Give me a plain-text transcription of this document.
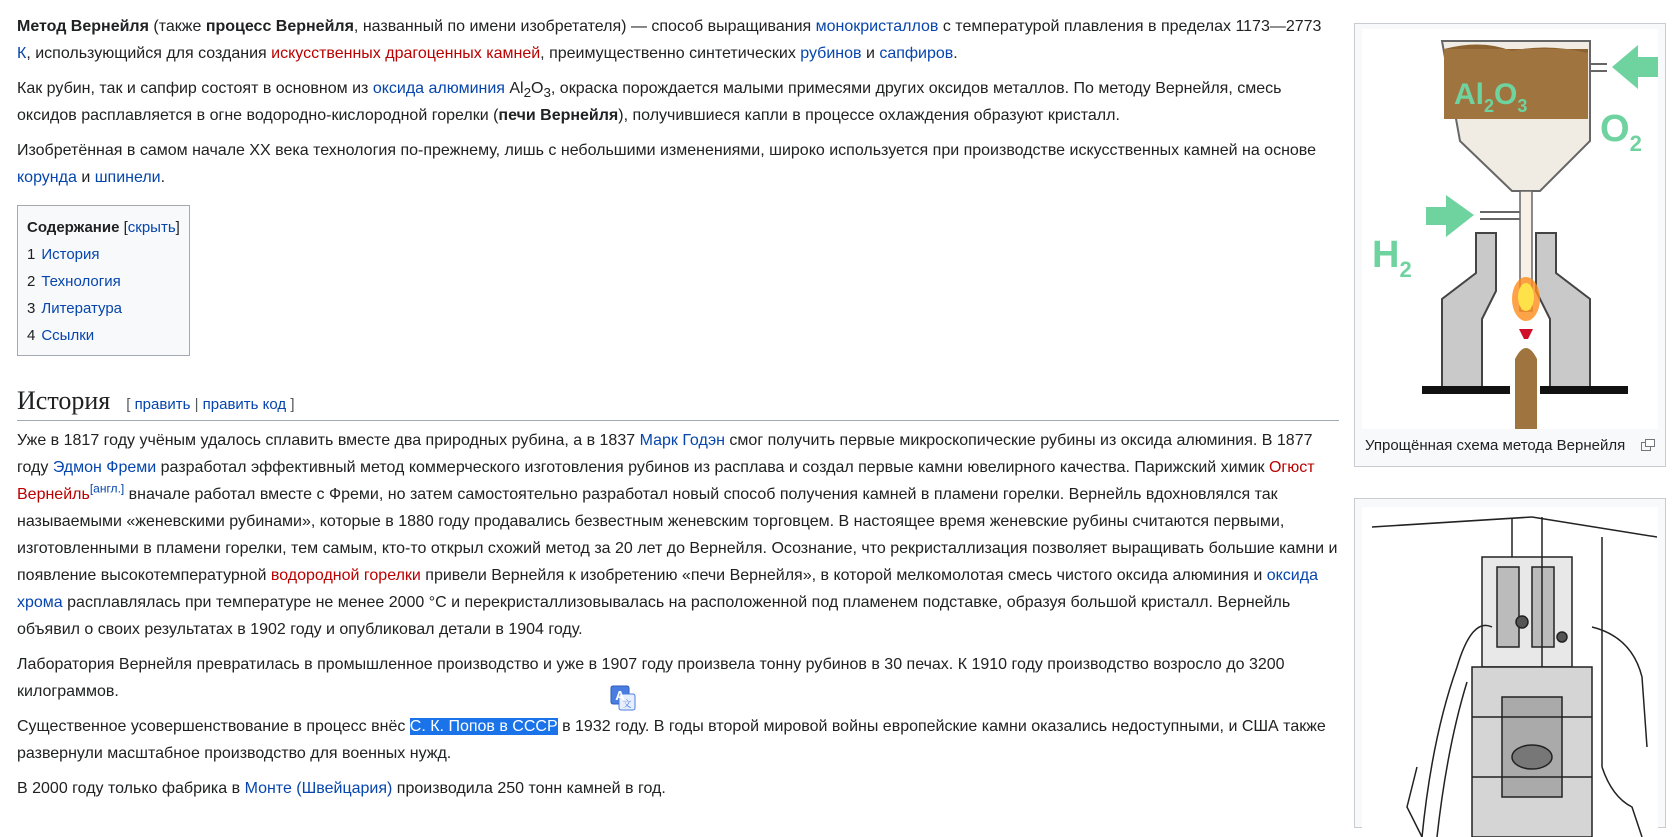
Метод Вернейля (также процесс Вернейля, названный по имени изобретателя) — способ выращивания монокристаллов с температурой плавления в пределах 1173—2773 К, использующийся для создания искусственных драгоценных камней, преимущественно синтетических рубинов и сапфиров.

Как рубин, так и сапфир состоят в основном из оксида алюминия $Al_2O_3$, окраска порождается малыми примесями других оксидов металлов. По методу Вернейля, смесь оксидов расплавляется в огне водородно-кислородной горелки (печи Вернейля), получившиеся капли в процессе охлаждения образуют кристалл.

Изобретённая в самом начале XX века технология по-прежнему, лишь с небольшими изменениями, широко используется при производстве искусственных камней на основе корунда и шпинели.

Содержание [скрыть]
1 История
2 Технология
3 Литература
4 Ссылки
История [ править | править код ]

Уже в 1817 году учёным удалось сплавить вместе два природных рубина, а в 1837 Марк Годэн смог получить первые микроскопические рубины из оксида алюминия. В 1877 году Эдмон Фреми разработал эффективный метод коммерческого изготовления рубинов из расплава и создал первые камни ювелирного качества. Парижский химик Огюст Вернейль[англ.] вначале работал вместе с Фреми, но затем самостоятельно разработал новый способ получения камней в пламени горелки. Вернейль вдохновлялся так называемыми «женевскими рубинами», которые в 1880 году продавались безвестным женевским торговцем. В настоящее время женевские рубины считаются первыми, изготовленными в пламени горелки, тем самым, кто-то открыл схожий метод за 20 лет до Вернейля. Осознание, что рекристаллизация позволяет выращивать большие камни и появление высокотемпературной водородной горелки привели Вернейля к изобретению «печи Вернейля», в которой мелкомолотая смесь чистого оксида алюминия и оксида хрома расплавлялась при температуре не менее 2000 °C и перекристаллизовывалась на расположенной под пламенем подставке, образуя большой кристалл. Вернейль объявил о своих результатах в 1902 году и опубликовал детали в 1904 году.

Лаборатория Вернейля превратилась в промышленное производство и уже в 1907 году произвела тонну рубинов в 30 печах. К 1910 году производство возросло до 3200 килограммов.

Существенное усовершенствование в процесс внёс С. К. Попов в СССР в 1932 году. В годы второй мировой войны европейские камни оказались недоступными, и США также развернули масштабное производство для военных нужд.

В 2000 году только фабрика в Монте (Швейцария) производила 250 тонн камней в год.

A
文
$Al_2O_3$
$O_2$
$H_2$
Упрощённая схема метода Вернейля
